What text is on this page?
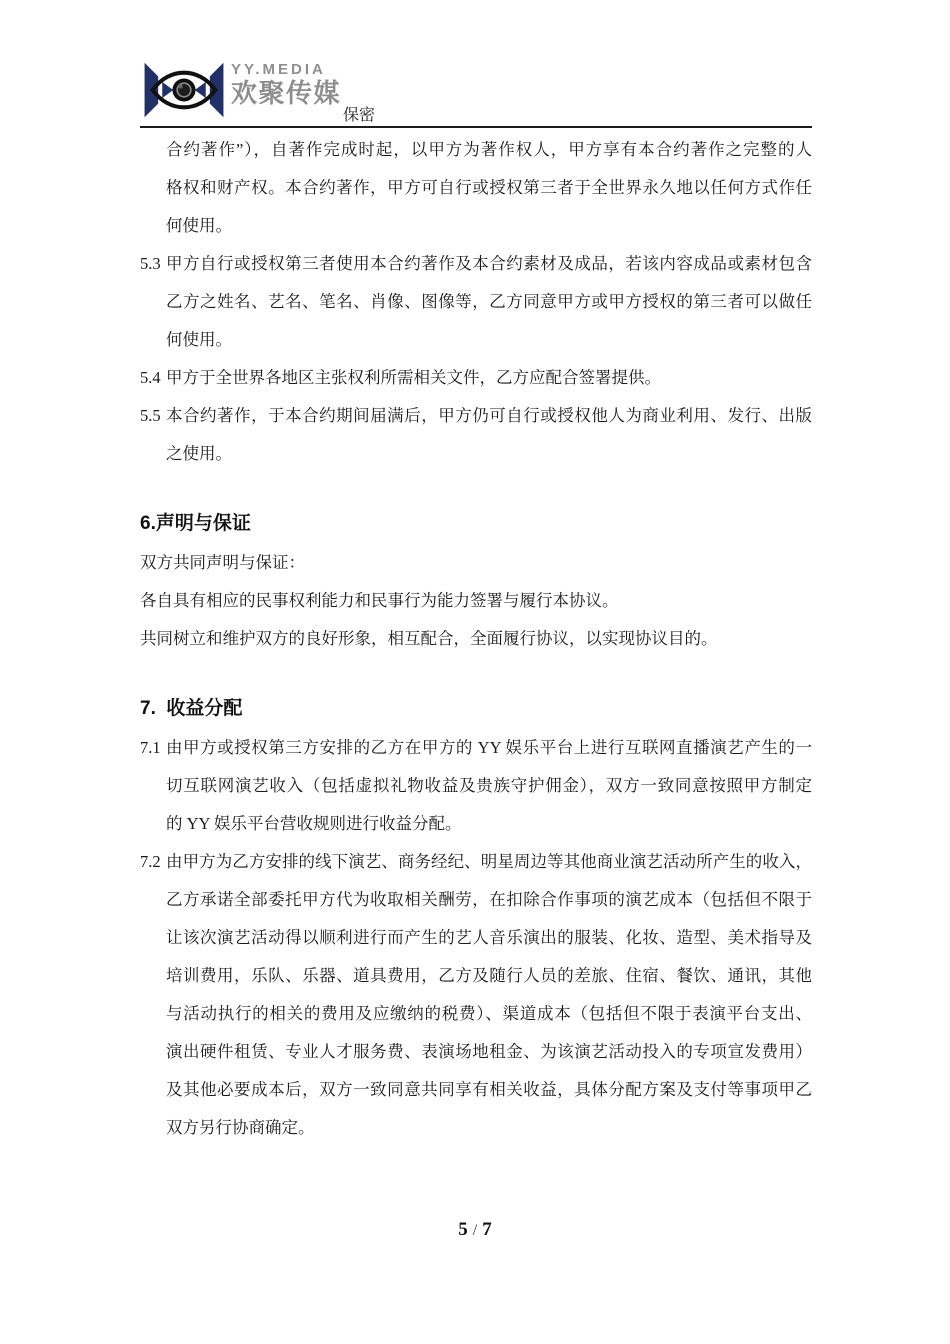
YY.MEDIA
欢聚传媒
保密
合约著作”），自著作完成时起，以甲方为著作权人，甲方享有本合约著作之完整的人
格权和财产权。本合约著作，甲方可自行或授权第三者于全世界永久地以任何方式作任
何使用。
5.3 甲方自行或授权第三者使用本合约著作及本合约素材及成品，若该内容成品或素材包含
乙方之姓名、艺名、笔名、肖像、图像等，乙方同意甲方或甲方授权的第三者可以做任
何使用。
5.4 甲方于全世界各地区主张权利所需相关文件，乙方应配合签署提供。
5.5 本合约著作，于本合约期间届满后，甲方仍可自行或授权他人为商业利用、发行、出版
之使用。
6.声明与保证
双方共同声明与保证：
各自具有相应的民事权利能力和民事行为能力签署与履行本协议。
共同树立和维护双方的良好形象，相互配合，全面履行协议，以实现协议目的。
7.  收益分配
7.1 由甲方或授权第三方安排的乙方在甲方的 YY 娱乐平台上进行互联网直播演艺产生的一
切互联网演艺收入（包括虚拟礼物收益及贵族守护佣金），双方一致同意按照甲方制定
的 YY 娱乐平台营收规则进行收益分配。
7.2 由甲方为乙方安排的线下演艺、商务经纪、明星周边等其他商业演艺活动所产生的收入，
乙方承诺全部委托甲方代为收取相关酬劳，在扣除合作事项的演艺成本（包括但不限于
让该次演艺活动得以顺利进行而产生的艺人音乐演出的服装、化妆、造型、美术指导及
培训费用，乐队、乐器、道具费用，乙方及随行人员的差旅、住宿、餐饮、通讯，其他
与活动执行的相关的费用及应缴纳的税费）、渠道成本（包括但不限于表演平台支出、
演出硬件租赁、专业人才服务费、表演场地租金、为该演艺活动投入的专项宣发费用）
及其他必要成本后，双方一致同意共同享有相关收益，具体分配方案及支付等事项甲乙
双方另行协商确定。
5 / 7
